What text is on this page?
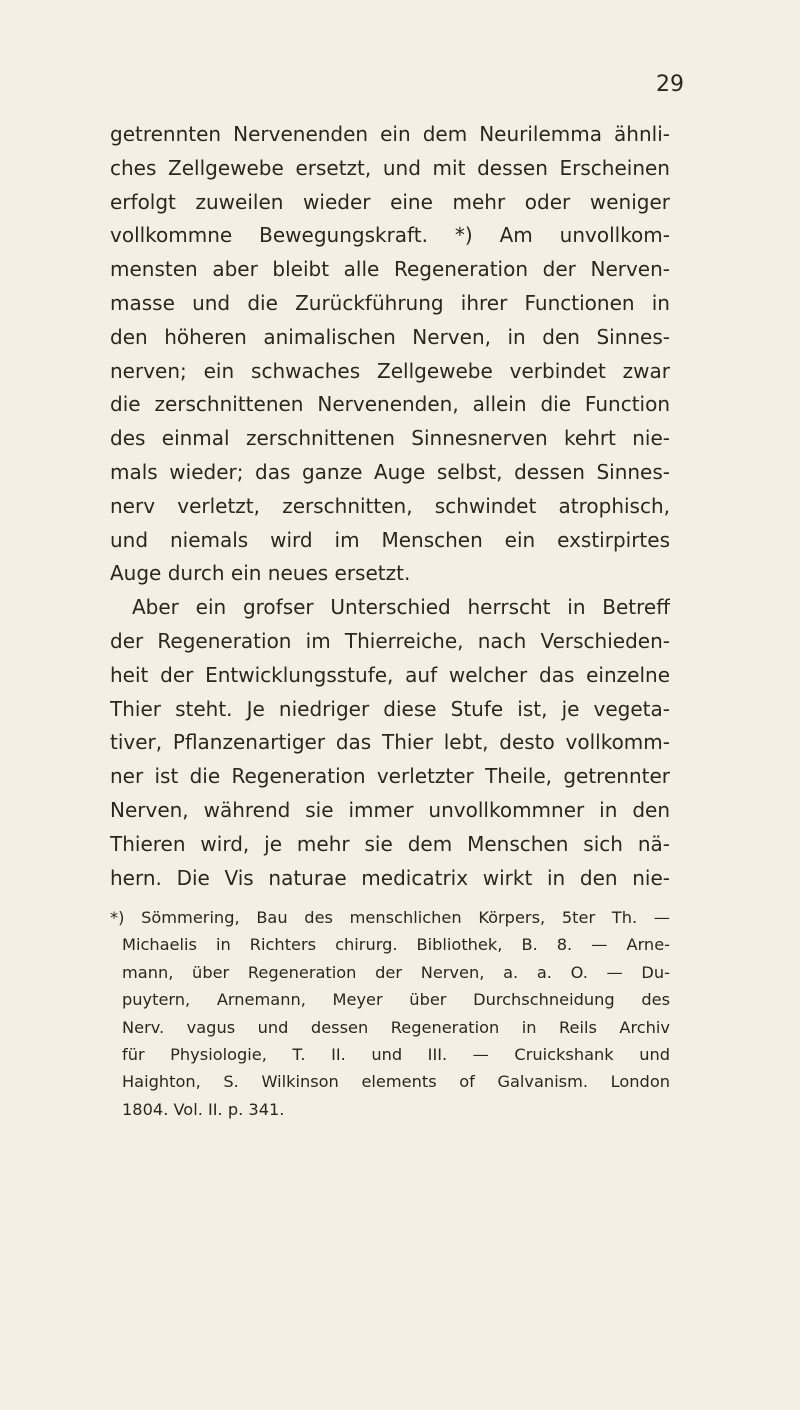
29
getrennten Nervenenden ein dem Neurilemma ähnli-
ches Zellgewebe ersetzt, und mit dessen Erscheinen
erfolgt zuweilen wieder eine mehr oder weniger
vollkommne Bewegungskraft. *) Am unvollkom-
mensten aber bleibt alle Regeneration der Nerven-
masse und die Zurückführung ihrer Functionen in
den höheren animalischen Nerven, in den Sinnes-
nerven; ein schwaches Zellgewebe verbindet zwar
die zerschnittenen Nervenenden, allein die Function
des einmal zerschnittenen Sinnesnerven kehrt nie-
mals wieder; das ganze Auge selbst, dessen Sinnes-
nerv verletzt, zerschnitten, schwindet atrophisch,
und niemals wird im Menschen ein exstirpirtes
Auge durch ein neues ersetzt.
Aber ein grofser Unterschied herrscht in Betreff
der Regeneration im Thierreiche, nach Verschieden-
heit der Entwicklungsstufe, auf welcher das einzelne
Thier steht. Je niedriger diese Stufe ist, je vegeta-
tiver, Pflanzenartiger das Thier lebt, desto vollkomm-
ner ist die Regeneration verletzter Theile, getrennter
Nerven, während sie immer unvollkommner in den
Thieren wird, je mehr sie dem Menschen sich nä-
hern. Die Vis naturae medicatrix wirkt in den nie-
*) Sömmering, Bau des menschlichen Körpers, 5ter Th. —
Michaelis in Richters chirurg. Bibliothek, B. 8. — Arne-
mann, über Regeneration der Nerven, a. a. O. — Du-
puytern, Arnemann, Meyer über Durchschneidung des
Nerv. vagus und dessen Regeneration in Reils Archiv
für Physiologie, T. II. und III. — Cruickshank und
Haighton, S. Wilkinson elements of Galvanism. London
1804. Vol. II. p. 341.
